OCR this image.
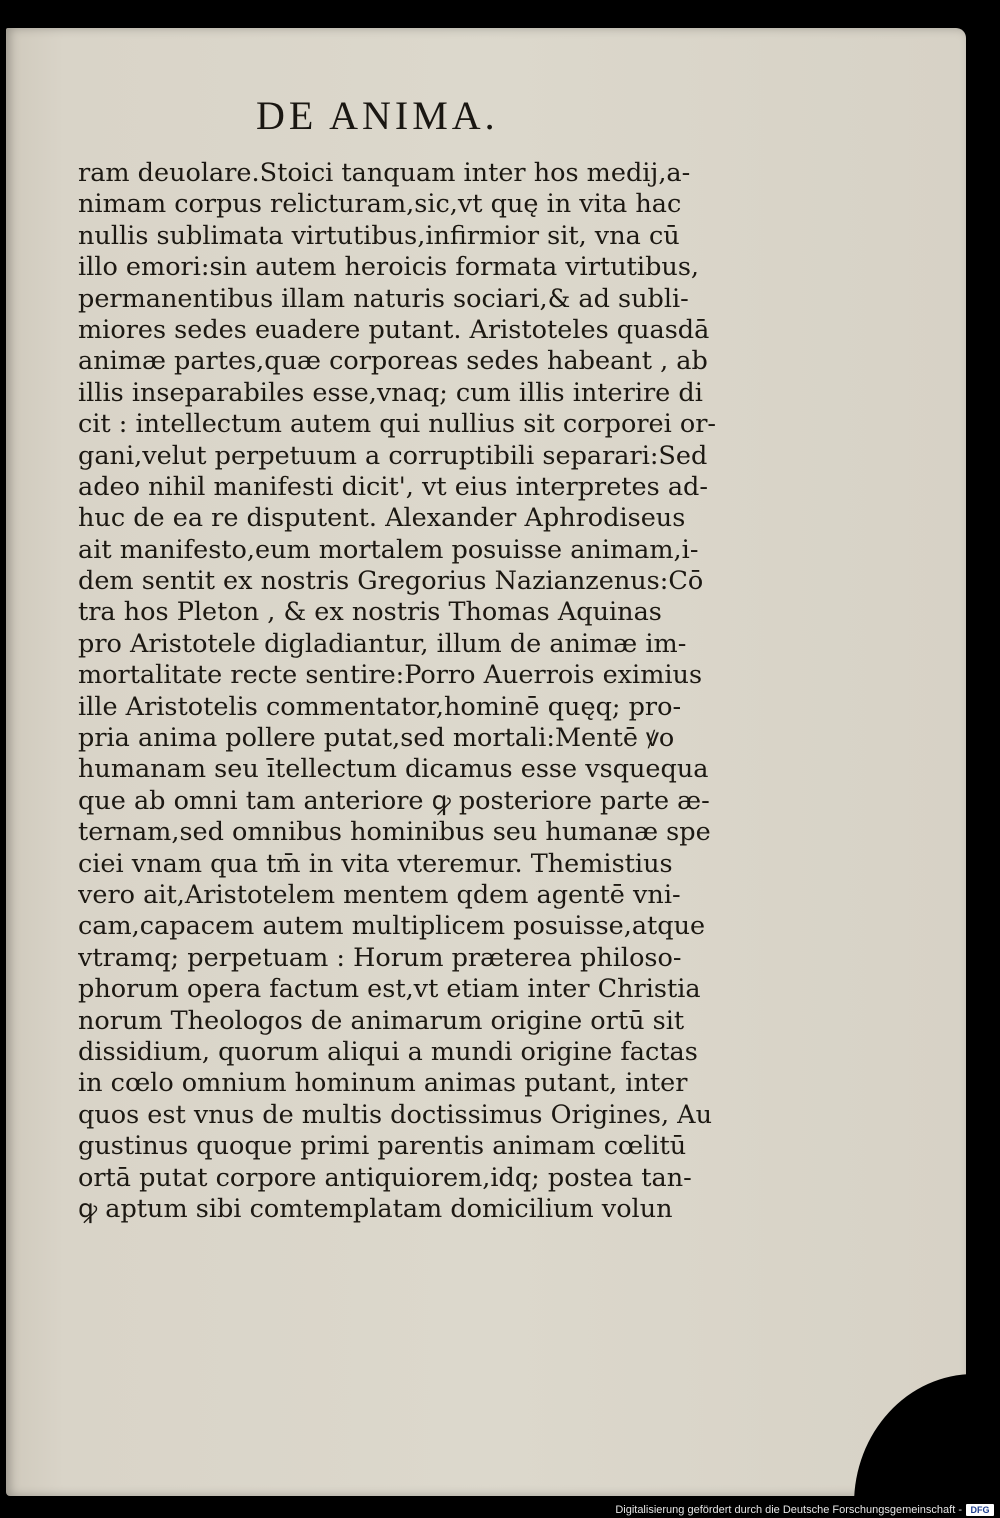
DE ANIMA.
ram deuolare.Stoici tanquam inter hos medij,a-
nimam corpus relicturam,sic,vt quę in vita hac
nullis sublimata virtutibus,infirmior sit, vna cū
illo emori:sin autem heroicis formata virtutibus,
permanentibus illam naturis sociari,& ad subli-
miores sedes euadere putant. Aristoteles quasdā
animæ partes,quæ corporeas sedes habeant , ab
illis inseparabiles esse,vnaq; cum illis interire di
cit : intellectum autem qui nullius sit corporei or-
gani,velut perpetuum a corruptibili separari:Sed
adeo nihil manifesti dicit', vt eius interpretes ad-
huc de ea re disputent. Alexander Aphrodiseus
ait manifesto,eum mortalem posuisse animam,i-
dem sentit ex nostris Gregorius Nazianzenus:Cō
tra hos Pleton , & ex nostris Thomas Aquinas
pro Aristotele digladiantur, illum de animæ im-
mortalitate recte sentire:Porro Auerrois eximius
ille Aristotelis commentator,hominē quęq; pro-
pria anima pollere putat,sed mortali:Mentē ꝟo
humanam seu ītellectum dicamus esse vsquequa
que ab omni tam anteriore ꝙ posteriore parte æ-
ternam,sed omnibus hominibus seu humanæ spe
ciei vnam qua tm̄ in vita vteremur. Themistius
vero ait,Aristotelem mentem qdem agentē vni-
cam,capacem autem multiplicem posuisse,atque
vtramq; perpetuam : Horum præterea philoso-
phorum opera factum est,vt etiam inter Christia
norum Theologos de animarum origine ortū sit
dissidium, quorum aliqui a mundi origine factas
in cœlo omnium hominum animas putant, inter
quos est vnus de multis doctissimus Origines, Au
gustinus quoque primi parentis animam cœlitū
ortā putat corpore antiquiorem,idq; postea tan-
ꝙ aptum sibi comtemplatam domicilium volun
Digitalisierung gefördert durch die Deutsche Forschungsgemeinschaft - DFG
